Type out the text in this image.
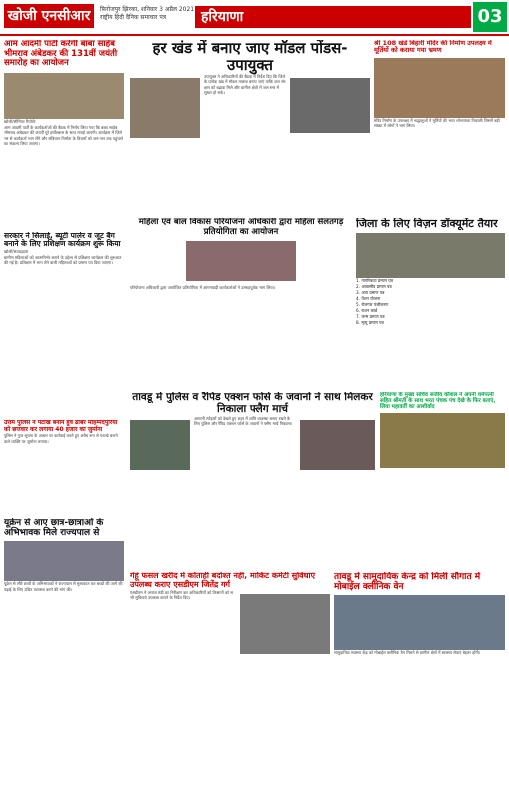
खोजी एनसीआर	फ़िरोजपुर झिरका, शनिवार 3 अप्रैल 2021
राष्ट्रीय हिंदी दैनिक समाचार पत्र	हरियाणा	03
आम आदमी पार्टी करेगी बाबा साहेब भीमराव अंबेडकर की 131वीं जयंती समारोह का आयोजन
खोजी/सीनियर रिपोर्टर
आम आदमी पार्टी के कार्यकर्ताओं की बैठक में निर्णय लिया गया कि बाबा साहेब भीमराव अंबेडकर की जयंती पूरे हर्षोल्लास के साथ मनाई जाएगी। कार्यक्रम में जिले भर से कार्यकर्ता भाग लेंगे और संविधान निर्माता के विचारों को जन-जन तक पहुंचाने का संकल्प लिया जाएगा।
सरकार ने सिलाई, ब्यूटी पार्लर व जूट बैग बनाने के लिए प्रशिक्षण कार्यक्रम शुरू किया
खोजी/संवाददाता
ग्रामीण महिलाओं को आत्मनिर्भर बनाने के उद्देश्य से प्रशिक्षण कार्यक्रम की शुरुआत की गई है। प्रशिक्षण में भाग लेने वाली महिलाओं को प्रमाण पत्र दिया जाएगा।
उत्तम पुलिस ने पटाखे बनाने हुवे ढाबर मोहम्मदपुरिया को छत्तवार कर लगाया 40 हजार का जुर्माना
पुलिस ने गुप्त सूचना के आधार पर कार्रवाई करते हुए अवैध रूप से पटाखे बनाने वाले व्यक्ति पर जुर्माना लगाया।
यूक्रेन से आए छात्र-छात्राओं के अभिभावक मिले राज्यपाल से
यूक्रेन से लौटे छात्रों के अभिभावकों ने राज्यपाल से मुलाकात कर बच्चों की आगे की पढ़ाई के लिए उचित व्यवस्था करने की मांग की।
हर खंड में बनाए जाए मॉडल पोंडस-उपायुक्त
उपायुक्त ने अधिकारियों की बैठक में निर्देश दिए कि जिले के प्रत्येक खंड में मॉडल तालाब बनाए जाएं ताकि जल संरक्षण को बढ़ावा मिले और ग्रामीण क्षेत्रों में जल स्तर में सुधार हो सके।
श्री 108 खंडे बिहारी मंदिर की निर्माण उपलक्ष्य में मूर्तियों को कराया गया भ्रमण
मंदिर निर्माण के उपलक्ष्य में श्रद्धालुओं ने मूर्तियों की भव्य शोभायात्रा निकाली जिसमें बड़ी संख्या में लोगों ने भाग लिया।
महिला एवं बाल विकास परियोजना अधिकारी द्वारा महिला सेलतगड़ प्रतियोगिता का आयोजन
परियोजना अधिकारी द्वारा आयोजित प्रतियोगिता में आंगनवाड़ी कार्यकर्ताओं ने उत्साहपूर्वक भाग लिया।
जिला के लिए विज़न डॉक्यूमेंट तैयार
1. नागरिकता प्रमाण पत्र
2. आवासीय प्रमाण पत्र
3. आय प्रमाण पत्र
4. पेंशन योजना
5. रोजगार पंजीकरण
6. राशन कार्ड
7. जन्म प्रमाण पत्र
8. मृत्यु प्रमाण पत्र
तावडू में पुलिस व रैपिड एक्शन फोर्स के जवानों ने साथ मिलकर निकाला फ्लैग मार्च
आगामी त्योहारों को देखते हुए शहर में शांति व्यवस्था बनाए रखने के लिए पुलिस और रैपिड एक्शन फोर्स के जवानों ने फ्लैग मार्च निकाला।
हरियाणा के मुख्य सचिव संजीव कौशल ने अपनी धर्मपत्नी सहित श्रीमती के साथ भरत पंचक पंच देखे के फिर बताएं, लिया महावर्ती का आशीर्वाद
गेहूं फसल खरीद में कोताही बर्दाश्त नहीं, मार्किट कमेटी सुविधाएं उपलब्ध कराए एसडीएम जितेंद्र गर्ग
एसडीएम ने अनाज मंडी का निरीक्षण कर अधिकारियों को किसानों को सभी सुविधाएं उपलब्ध कराने के निर्देश दिए।
तावडू में सामुदायिक केन्द्र को मिली सौगात में मोबाईल क्लीनिक वेन
सामुदायिक स्वास्थ्य केंद्र को मोबाईल क्लीनिक वैन मिलने से ग्रामीण क्षेत्रों में स्वास्थ्य सेवाएं बेहतर होंगी।
